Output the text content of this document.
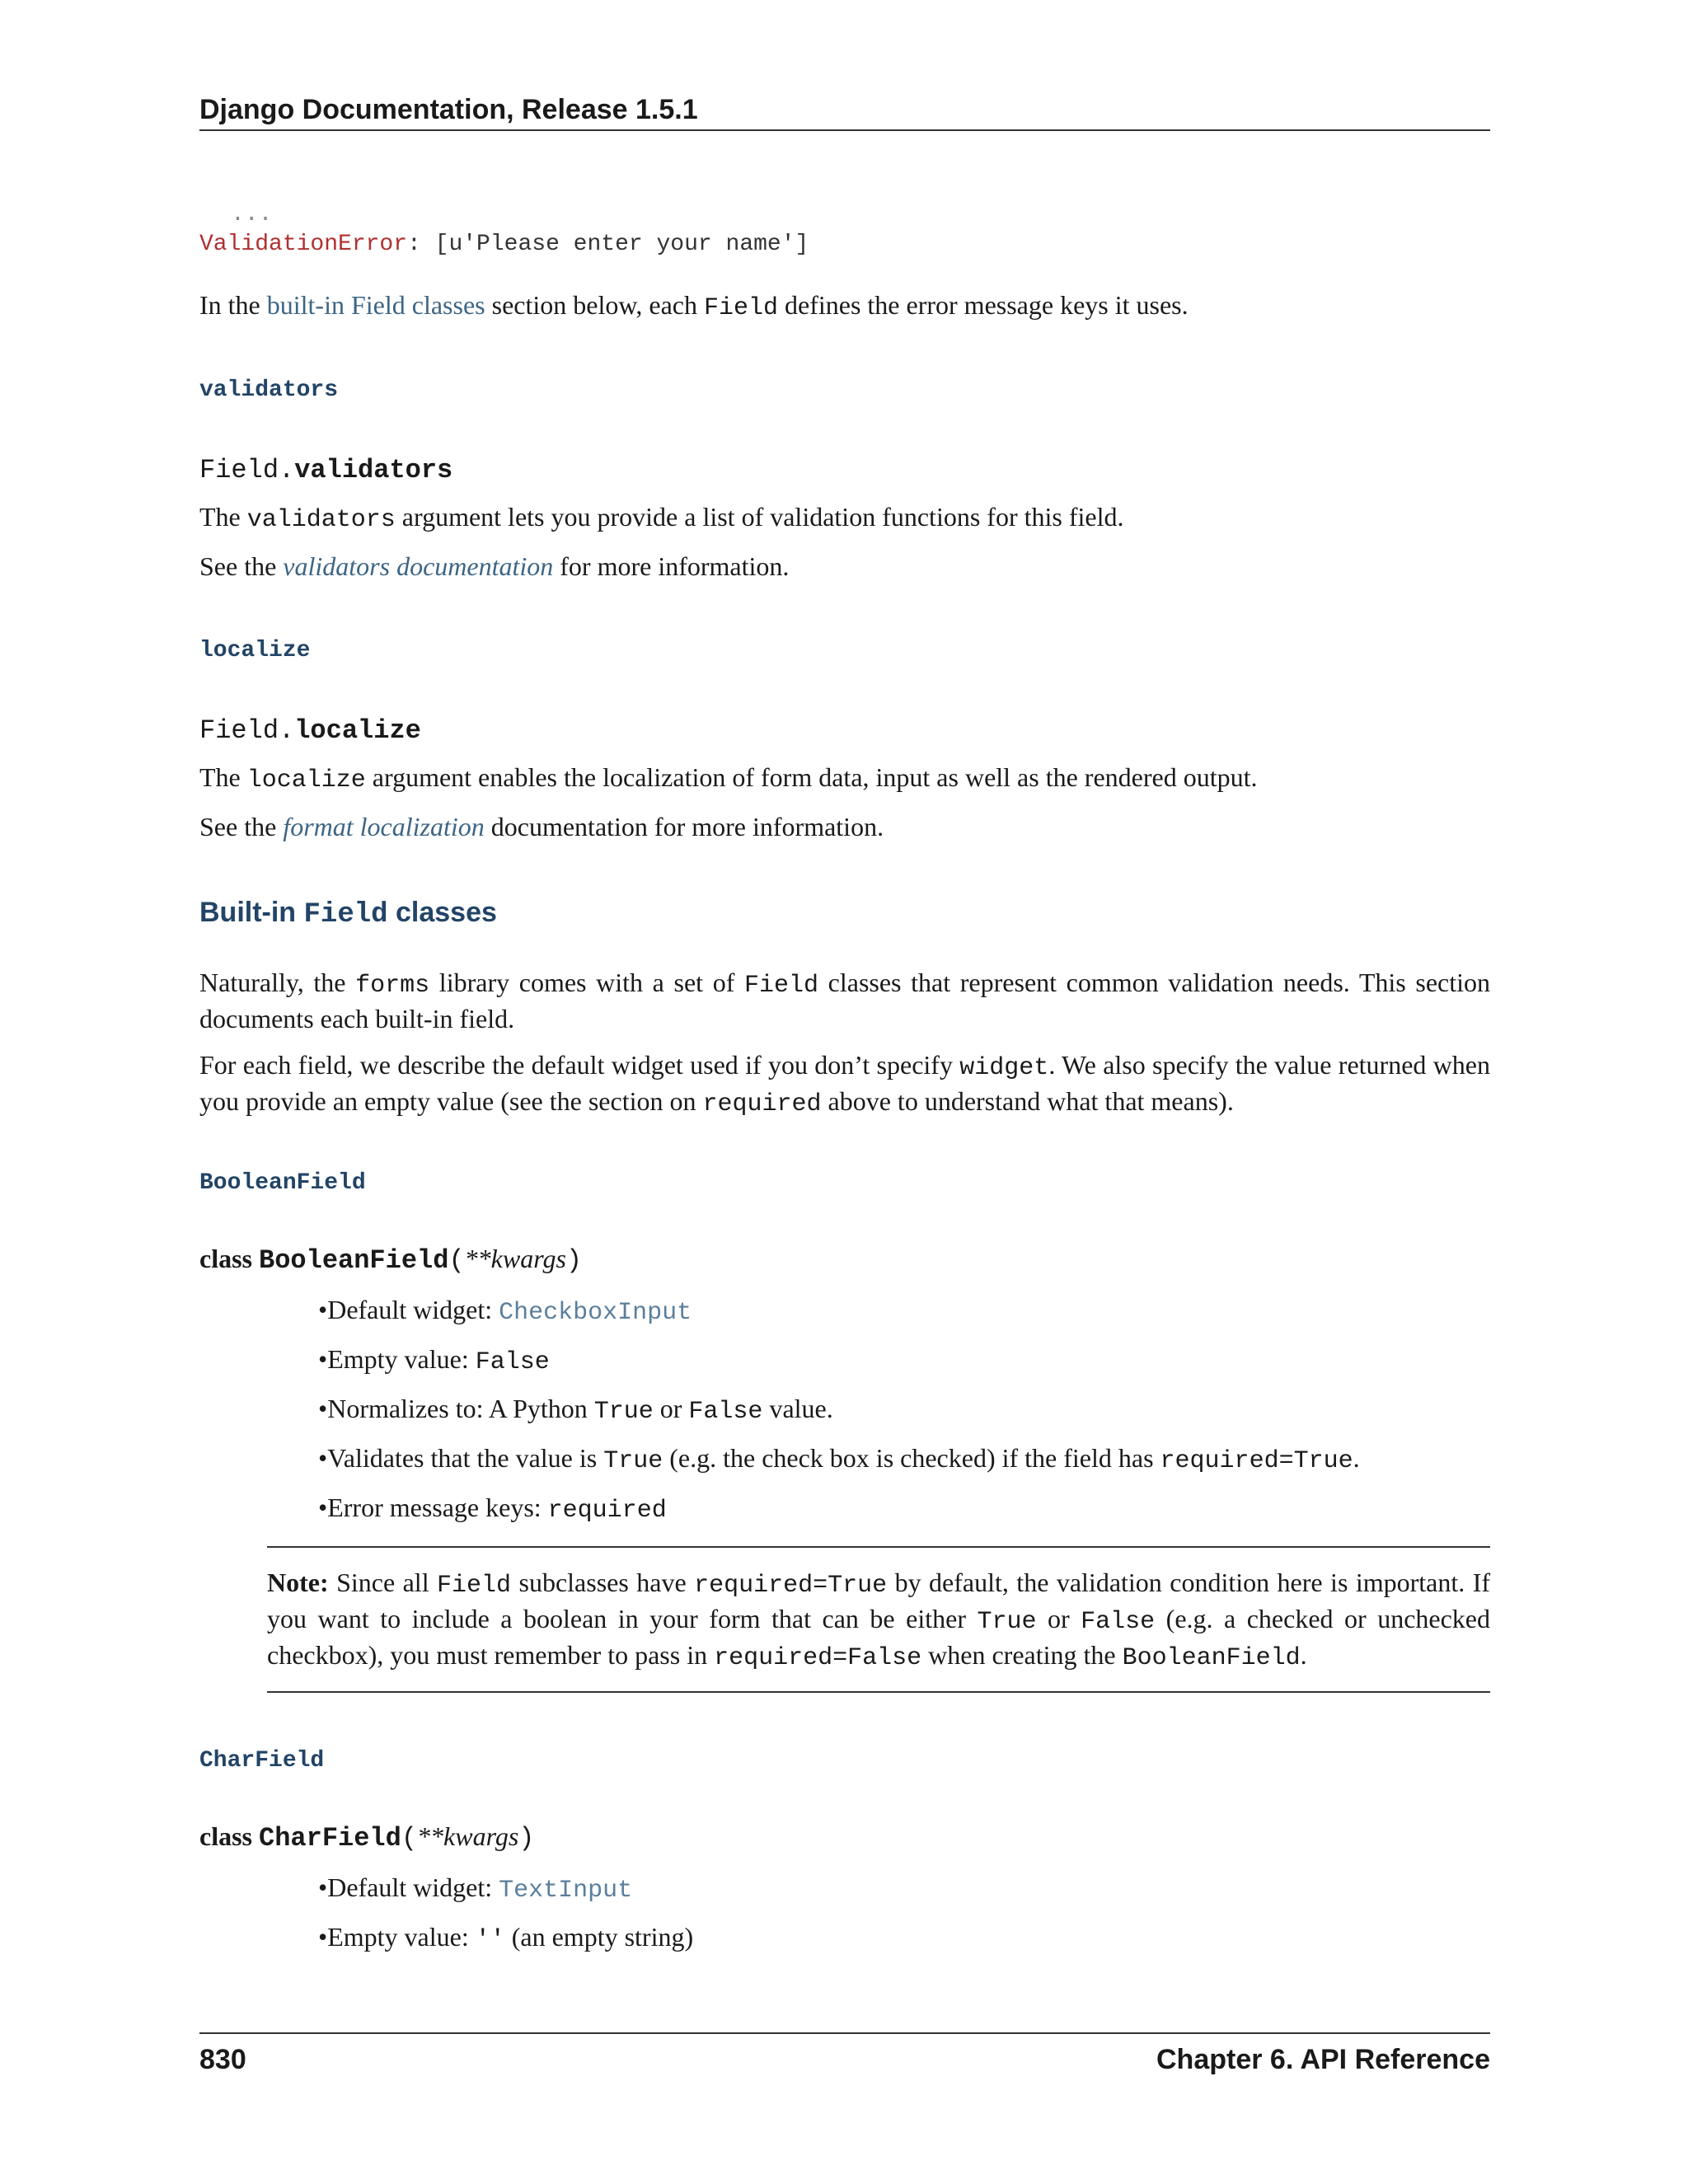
Django Documentation, Release 1.5.1
...
ValidationError: [u'Please enter your name']
In the built-in Field classes section below, each Field defines the error message keys it uses.
validators
Field.validators
The validators argument lets you provide a list of validation functions for this field.
See the validators documentation for more information.
localize
Field.localize
The localize argument enables the localization of form data, input as well as the rendered output.
See the format localization documentation for more information.
Built-in Field classes
Naturally, the forms library comes with a set of Field classes that represent common validation needs. This section documents each built-in field.
For each field, we describe the default widget used if you don’t specify widget. We also specify the value returned when you provide an empty value (see the section on required above to understand what that means).
BooleanField
class BooleanField(**kwargs)
•Default widget: CheckboxInput
•Empty value: False
•Normalizes to: A Python True or False value.
•Validates that the value is True (e.g. the check box is checked) if the field has required=True.
•Error message keys: required
Note: Since all Field subclasses have required=True by default, the validation condition here is important. If you want to include a boolean in your form that can be either True or False (e.g. a checked or unchecked checkbox), you must remember to pass in required=False when creating the BooleanField.
CharField
class CharField(**kwargs)
•Default widget: TextInput
•Empty value: '' (an empty string)
830	Chapter 6. API Reference
